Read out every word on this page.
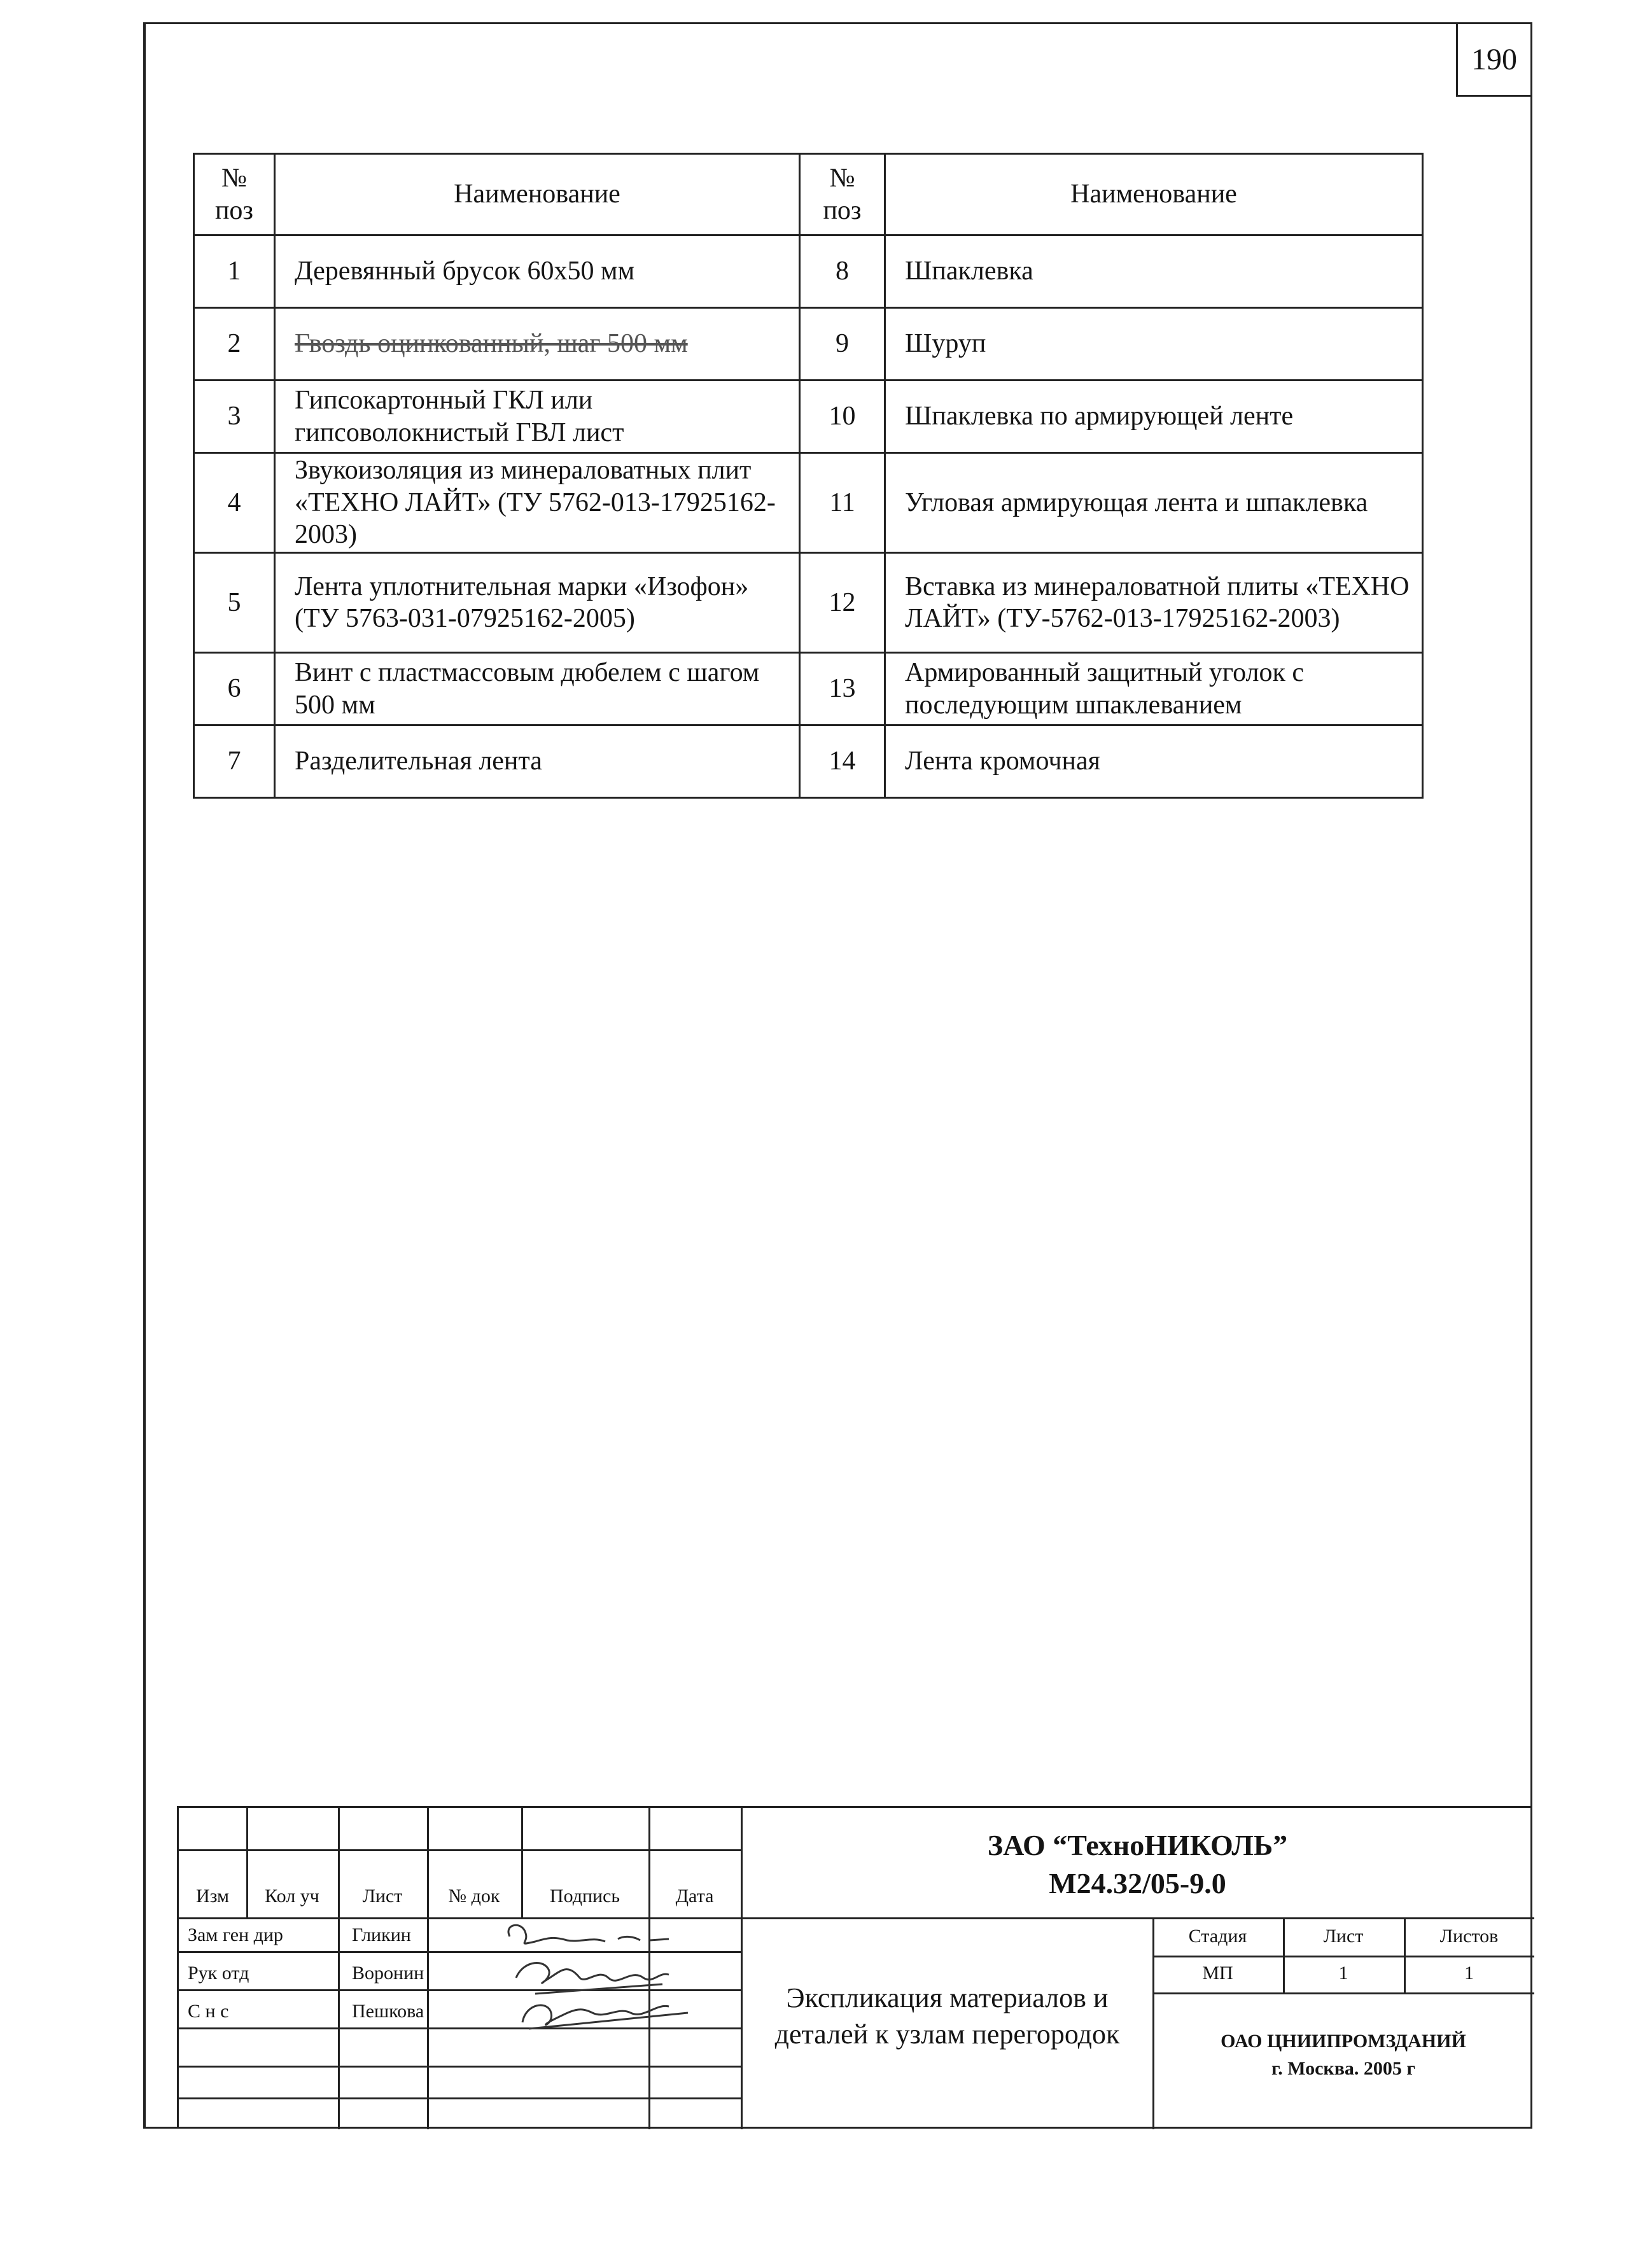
190
№ поз	Наименование	№ поз	Наименование
1	Деревянный брусок 60х50 мм	8	Шпаклевка
2	Гвоздь оцинкованный, шаг 500 мм	9	Шуруп
3	Гипсокартонный ГКЛ или гипсоволокнистый ГВЛ лист	10	Шпаклевка по армирующей ленте
4	Звукоизоляция из минераловатных плит «ТЕХНО ЛАЙТ» (ТУ 5762-013-17925162-2003)	11	Угловая армирующая лента и шпаклевка
5	Лента уплотнительная марки «Изофон» (ТУ 5763-031-07925162-2005)	12	Вставка из минераловатной плиты «ТЕХНО ЛАЙТ» (ТУ-5762-013-17925162-2003)
6	Винт с пластмассовым дюбелем с шагом 500 мм	13	Армированный защитный уголок с последующим шпаклеванием
7	Разделительная лента	14	Лента кромочная
Изм	Кол уч	Лист	№ док	Подпись	Дата
Зам ген дир	Гликин
Рук отд	Воронин
С н с	Пешкова
ЗАО “ТехноНИКОЛЬ”
М24.32/05-9.0
Экспликация материалов и деталей к узлам перегородок
Стадия	Лист	Листов
МП	1	1
ОАО ЦНИИПРОМЗДАНИЙ
г. Москва. 2005 г
